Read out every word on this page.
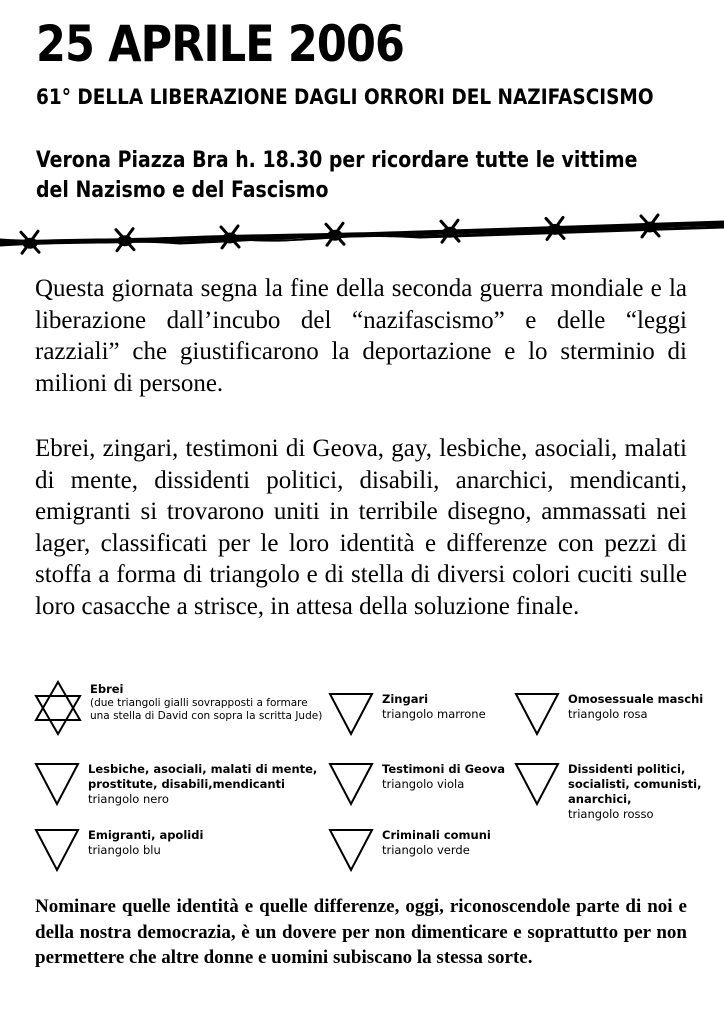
25 APRILE 2006
61° DELLA LIBERAZIONE DAGLI ORRORI DEL NAZIFASCISMO
Verona Piazza Bra h. 18.30 per ricordare tutte le vittime
del Nazismo e del Fascismo
Questa giornata segna la fine della seconda guerra mondiale e la liberazione dall’incubo del “nazifascismo” e delle “leggi razziali” che giustificarono la deportazione e lo sterminio di milioni di persone.
Ebrei, zingari, testimoni di Geova, gay, lesbiche, asociali, malati di mente, dissidenti politici, disabili, anarchici, mendicanti, emigranti si trovarono uniti in terribile disegno, ammassati nei lager, classificati per le loro identità e differenze con pezzi di stoffa a forma di triangolo e di stella di diversi colori cuciti sulle loro casacche a strisce, in attesa della soluzione finale.
Ebrei
(due triangoli gialli sovrapposti a formare
una stella di David con sopra la scritta Jude)
Zingari
triangolo marrone
Omosessuale maschi
triangolo rosa
Lesbiche, asociali, malati di mente,
prostitute, disabili,mendicanti
triangolo nero
Testimoni di Geova
triangolo viola
Dissidenti politici,
socialisti, comunisti,
anarchici,
triangolo rosso
Emigranti, apolidi
triangolo blu
Criminali comuni
triangolo verde
Nominare quelle identità e quelle differenze, oggi, riconoscendole parte di noi e della nostra democrazia, è un dovere per non dimenticare e soprattutto per non permettere che altre donne e uomini subiscano la stessa sorte.
